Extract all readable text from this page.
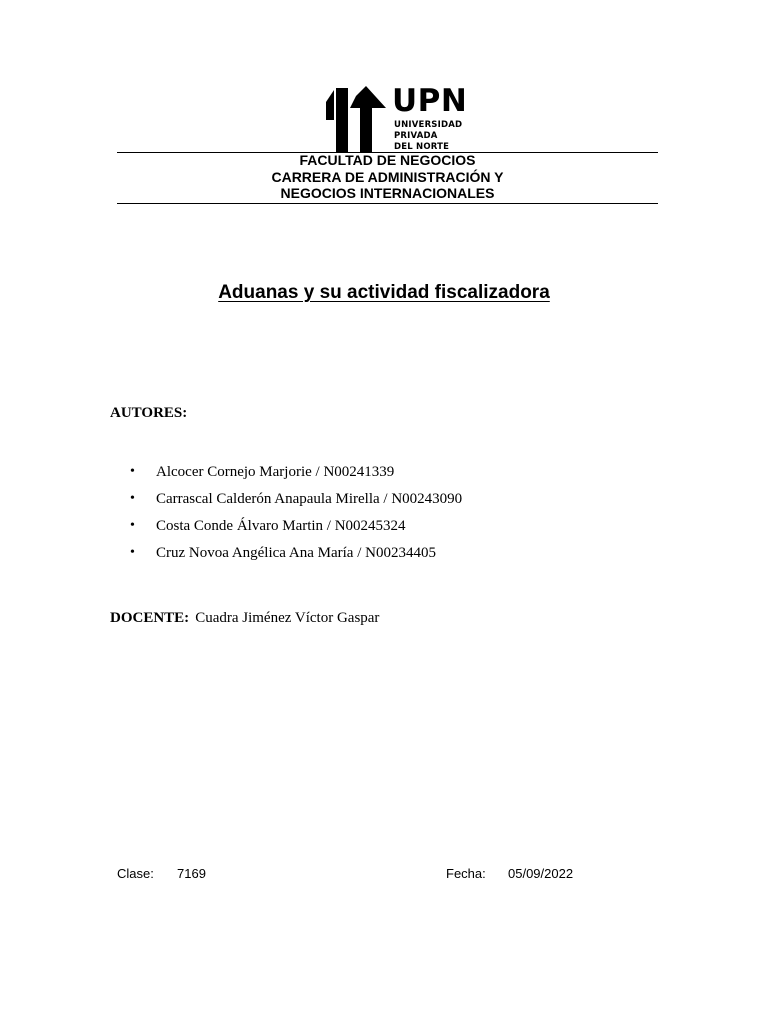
UPN
UNIVERSIDAD
PRIVADA
DEL NORTE
FACULTAD DE NEGOCIOS
CARRERA DE ADMINISTRACIÓN Y
NEGOCIOS INTERNACIONALES
Aduanas y su actividad fiscalizadora
AUTORES:
• Alcocer Cornejo Marjorie / N00241339
• Carrascal Calderón Anapaula Mirella / N00243090
• Costa Conde Álvaro Martin / N00245324
• Cruz Novoa Angélica Ana María / N00234405
DOCENTE: Cuadra Jiménez Víctor Gaspar
Clase: 7169	Fecha: 05/09/2022
